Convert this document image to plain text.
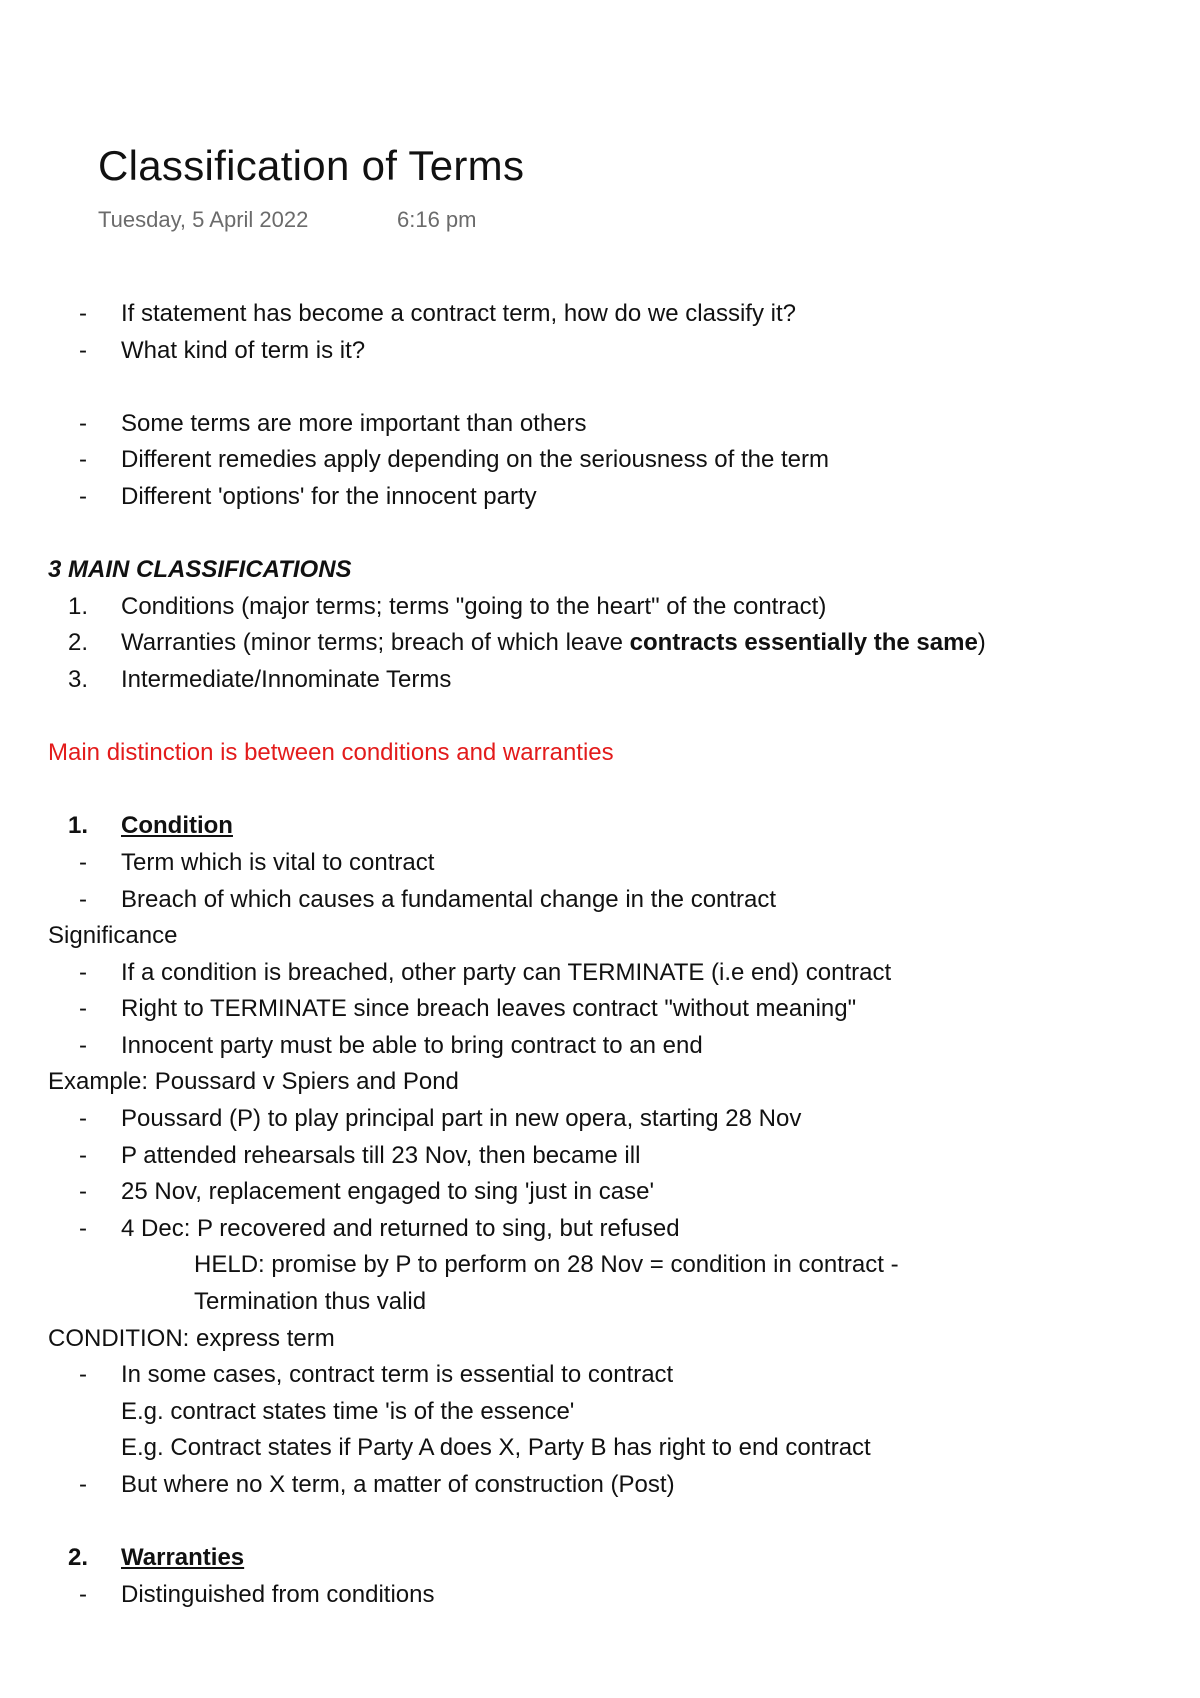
Classification of Terms
Tuesday, 5 April 2022	6:16 pm
-	If statement has become a contract term, how do we classify it?
-	What kind of term is it?
-	Some terms are more important than others
-	Different remedies apply depending on the seriousness of the term
-	Different 'options' for the innocent party
3 MAIN CLASSIFICATIONS
1.	Conditions (major terms; terms "going to the heart" of the contract)
2.	Warranties (minor terms; breach of which leave contracts essentially the same)
3.	Intermediate/Innominate Terms
Main distinction is between conditions and warranties
1.	Condition
-	Term which is vital to contract
-	Breach of which causes a fundamental change in the contract
Significance
-	If a condition is breached, other party can TERMINATE (i.e end) contract
-	Right to TERMINATE since breach leaves contract "without meaning"
-	Innocent party must be able to bring contract to an end
Example: Poussard v Spiers and Pond
-	Poussard (P) to play principal part in new opera, starting 28 Nov
-	P attended rehearsals till 23 Nov, then became ill
-	25 Nov, replacement engaged to sing 'just in case'
-	4 Dec: P recovered and returned to sing, but refused
HELD: promise by P to perform on 28 Nov = condition in contract -
Termination thus valid
CONDITION: express term
-	In some cases, contract term is essential to contract
E.g. contract states time 'is of the essence'
E.g. Contract states if Party A does X, Party B has right to end contract
-	But where no X term, a matter of construction (Post)
2.	Warranties
-	Distinguished from conditions
